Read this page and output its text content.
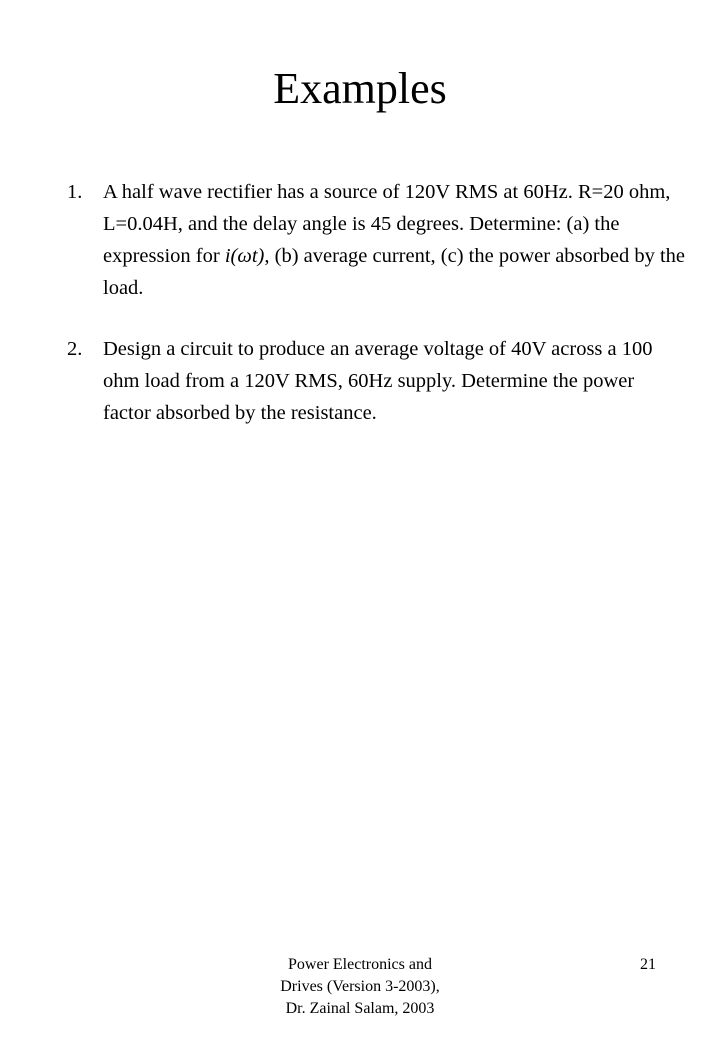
Examples
1. A half wave rectifier has a source of 120V RMS at 60Hz. R=20 ohm, L=0.04H, and the delay angle is 45 degrees. Determine: (a) the expression for i(ωt), (b) average current, (c) the power absorbed by the load.
2. Design a circuit to produce an average voltage of 40V across a 100 ohm load from a 120V RMS, 60Hz supply. Determine the power factor absorbed by the resistance.
Power Electronics and
Drives (Version 3-2003),
Dr. Zainal Salam, 2003
21
